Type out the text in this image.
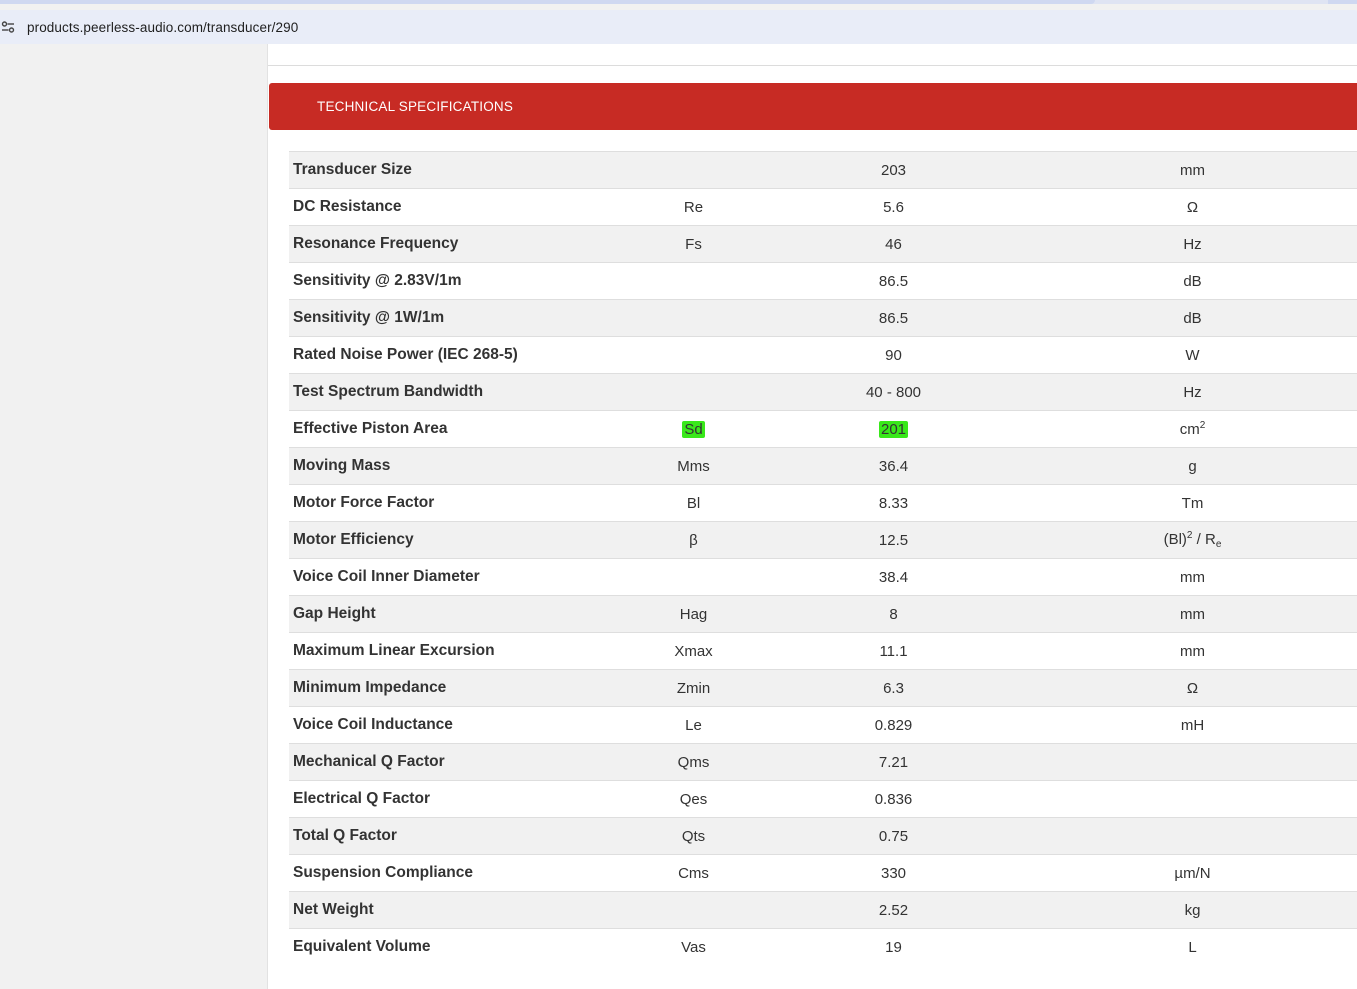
products.peerless-audio.com/transducer/290
TECHNICAL SPECIFICATIONS
Transducer Size		203	mm
DC Resistance	Re	5.6	Ω
Resonance Frequency	Fs	46	Hz
Sensitivity @ 2.83V/1m		86.5	dB
Sensitivity @ 1W/1m		86.5	dB
Rated Noise Power (IEC 268-5)		90	W
Test Spectrum Bandwidth		40 - 800	Hz
Effective Piston Area	Sd	201	$cm^2$
Moving Mass	Mms	36.4	g
Motor Force Factor	Bl	8.33	Tm
Motor Efficiency	β	12.5	$(Bl)^2 / R_e$
Voice Coil Inner Diameter		38.4	mm
Gap Height	Hag	8	mm
Maximum Linear Excursion	Xmax	11.1	mm
Minimum Impedance	Zmin	6.3	Ω
Voice Coil Inductance	Le	0.829	mH
Mechanical Q Factor	Qms	7.21	
Electrical Q Factor	Qes	0.836	
Total Q Factor	Qts	0.75	
Suspension Compliance	Cms	330	µm/N
Net Weight		2.52	kg
Equivalent Volume	Vas	19	L
